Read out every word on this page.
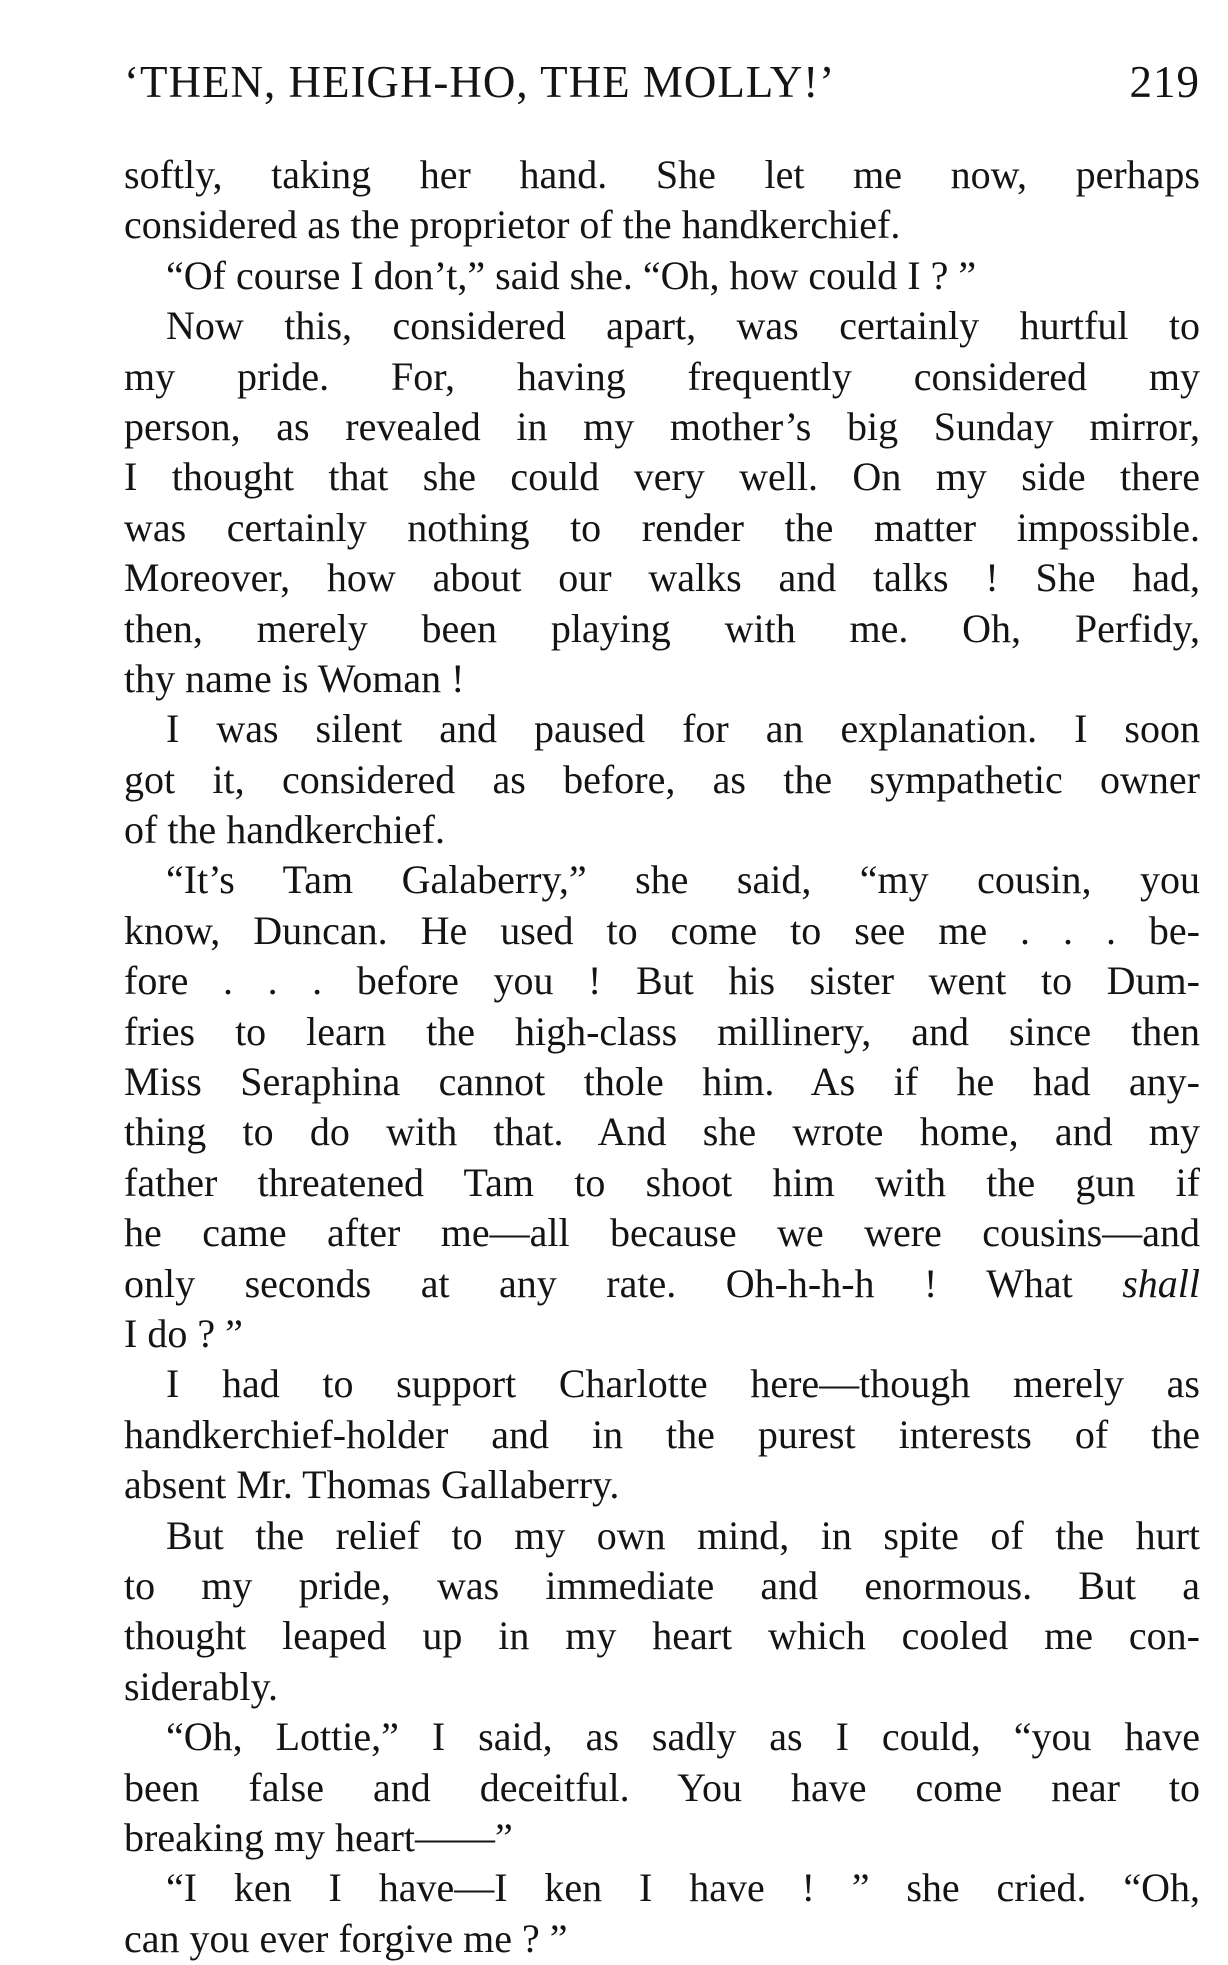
‘THEN, HEIGH-HO, THE MOLLY!’	219
softly, taking her hand. She let me now, perhaps
considered as the proprietor of the handkerchief.
“Of course I don’t,” said she. “Oh, how could I ? ”
Now this, considered apart, was certainly hurtful to
my pride. For, having frequently considered my
person, as revealed in my mother’s big Sunday mirror,
I thought that she could very well. On my side there
was certainly nothing to render the matter impossible.
Moreover, how about our walks and talks ! She had,
then, merely been playing with me. Oh, Perfidy,
thy name is Woman !
I was silent and paused for an explanation. I soon
got it, considered as before, as the sympathetic owner
of the handkerchief.
“It’s Tam Galaberry,” she said, “my cousin, you
know, Duncan. He used to come to see me . . . be-
fore . . . before you ! But his sister went to Dum-
fries to learn the high-class millinery, and since then
Miss Seraphina cannot thole him. As if he had any-
thing to do with that. And she wrote home, and my
father threatened Tam to shoot him with the gun if
he came after me—all because we were cousins—and
only seconds at any rate. Oh-h-h-h ! What shall
I do ? ”
I had to support Charlotte here—though merely as
handkerchief-holder and in the purest interests of the
absent Mr. Thomas Gallaberry.
But the relief to my own mind, in spite of the hurt
to my pride, was immediate and enormous. But a
thought leaped up in my heart which cooled me con-
siderably.
“Oh, Lottie,” I said, as sadly as I could, “you have
been false and deceitful. You have come near to
breaking my heart——”
“I ken I have—I ken I have ! ” she cried. “Oh,
can you ever forgive me ? ”
